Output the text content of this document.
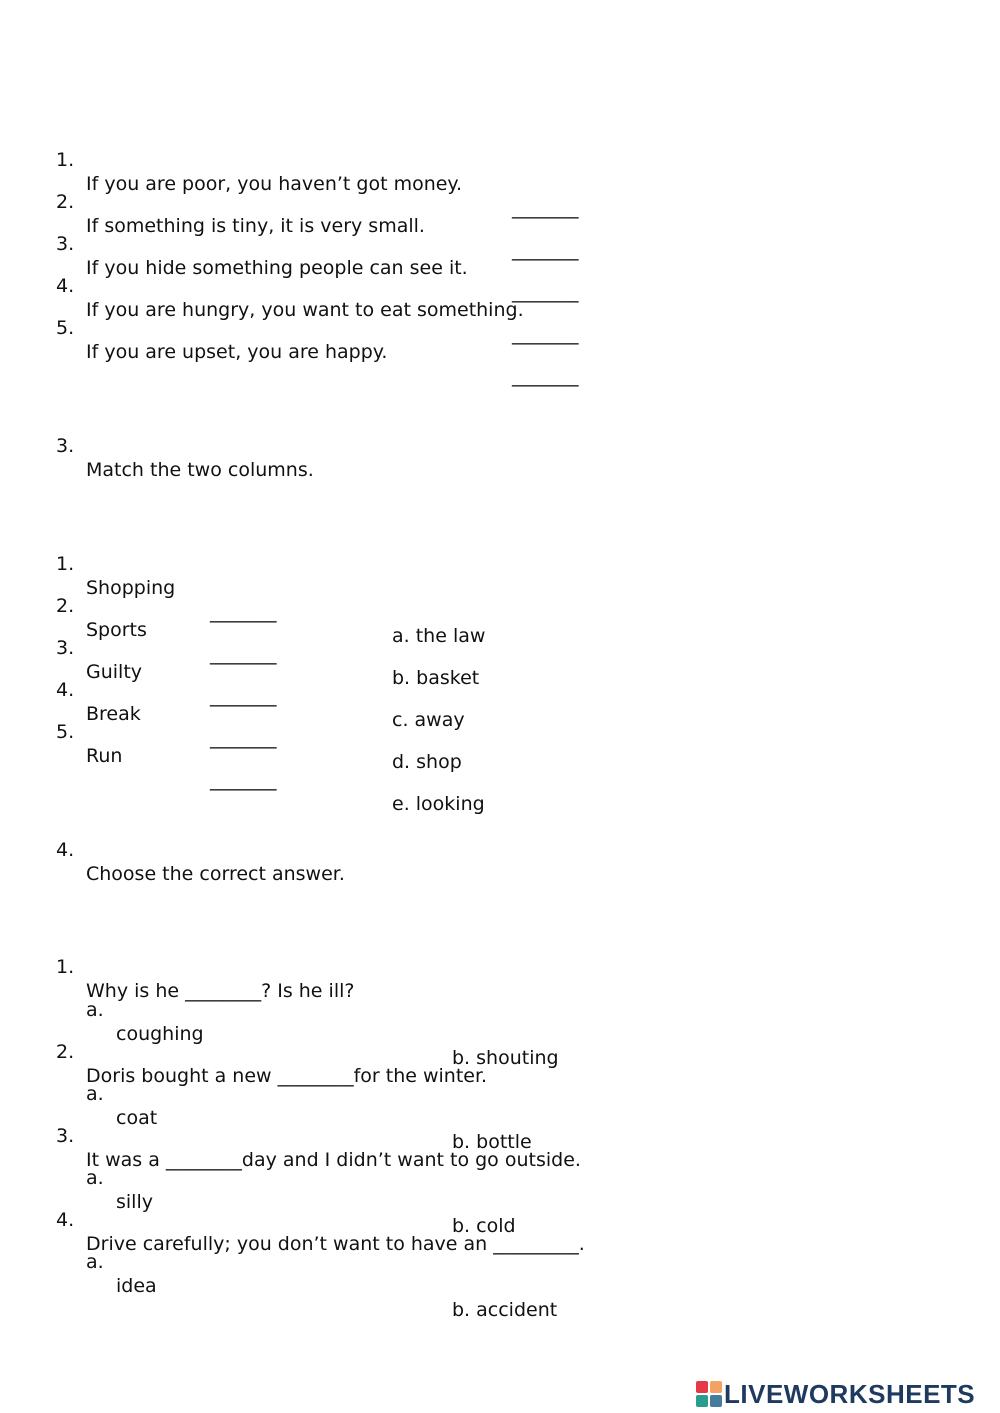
1.

If you are poor, you haven’t got money.

_______

2.

If something is tiny, it is very small.

_______

3.

If you hide something people can see it.

_______

4.

If you are hungry, you want to eat something.

_______

5.

If you are upset, you are happy.

_______

3.

Match the two columns.

1.

Shopping

_______

a. the law

2.

Sports

_______

b. basket

3.

Guilty

_______

c. away

4.

Break

_______

d. shop

5.

Run

_______

e. looking

4.

Choose the correct answer.

1.

Why is he ________? Is he ill?

a.

coughing

b. shouting

2.

Doris bought a new ________for the winter.

a.

coat

b. bottle

3.

It was a ________day and I didn’t want to go outside.

a.

silly

b. cold

4.

Drive carefully; you don’t want to have an _________.

a.

idea

b. accident

LIVEWORKSHEETS
